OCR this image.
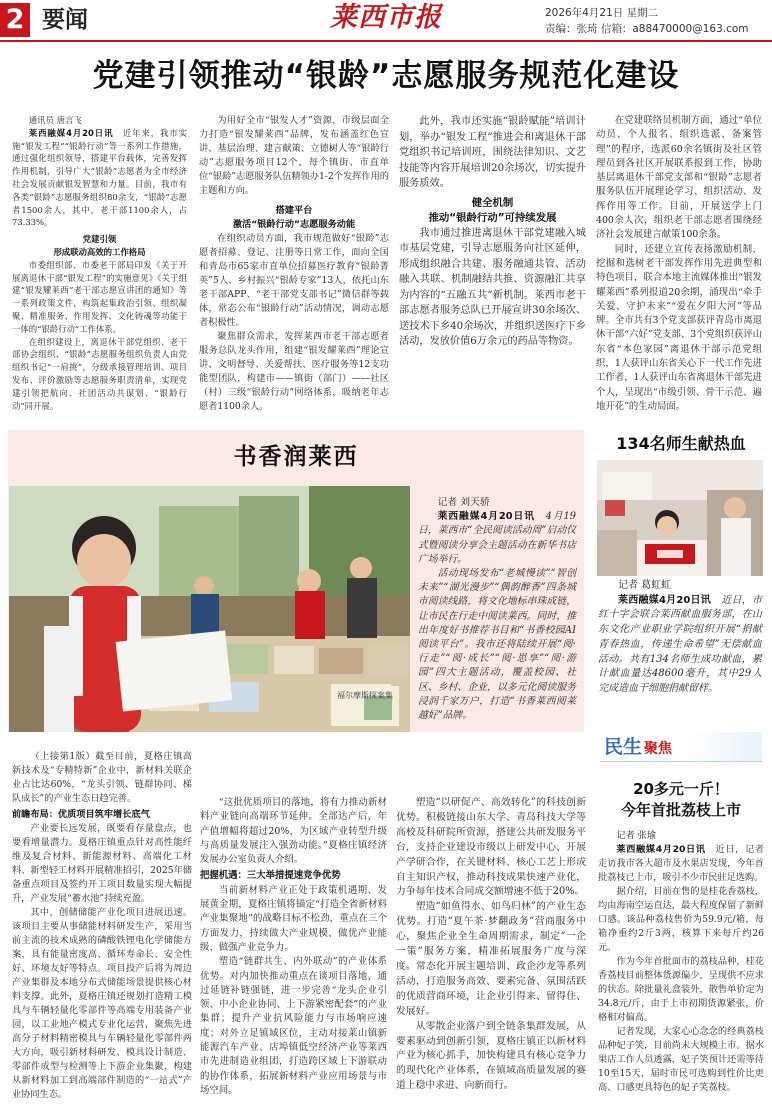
2 要闻	莱西市报	2026年4月21日 星期二
责编：张琦 信箱：a88470000@163.com
党建引领推动“银龄”志愿服务规范化建设

通讯员 唐言飞

莱西融媒4月20日讯　 近年来，我市实施“银发工程”“银龄行动”等一系列工作措施，通过强化组织领导，搭建平台载体，完善发挥作用机制，引导广大“银龄”志愿者为全市经济社会发展贡献银发智慧和力量。目前，我市有各类“银龄”志愿服务组织80余支，“银龄”志愿者1500余人，其中，老干部1100余人，占73.33%。

党建引领

形成联动高效的工作格局

市委组织部、市委老干部局印发《关于开展离退休干部“银发工程”的实施意见》《关于组建“银发耀莱西”老干部志愿宣讲团的通知》等一系列政策文件，构筑起集政治引领、组织凝聚、精准服务、作用发挥、文化铸魂等功能于一体的“银龄行动”工作体系。

在组织建设上，离退休干部党组织、老干部协会组织、“银龄”志愿服务组织负责人由党组织书记“一肩挑”，分级承接管理培训、项目发布、评价激励等志愿服务职责清单，实现党建引领把航向、社团活动共谋划、“银龄行动”同开展。

为用好全市“银发人才”资源，市级层面全力打造“银发耀莱西”品牌，发布涵盖红色宣讲、基层治理、建言献策、立德树人等“银龄行动”志愿服务项目12个，每个镇街、市直单位“银龄”志愿服务队伍精领办1-2个发挥作用的主题和方向。

搭建平台

激活“银龄行动”志愿服务动能

在组织动员方面，我市规范做好“银龄”志愿者招募、登记、注册等日常工作，面向全国和青岛市65家市直单位招募医疗教育“银龄菁英”5人、乡村振兴“银龄专家”13人，依托山东老干部APP、“老干部党支部书记”微信群等载体，常态公布“银龄行动”活动情况，调动志愿者积极性。

聚焦群众需求，发挥莱西市老干部志愿者服务总队龙头作用，组建“银发耀莱西”理论宣讲、文明督导、关爱帮扶、医疗服务等12支功能型团队，构建市——镇街（部门）——社区（村）三级“银龄行动”网络体系，吸纳老年志愿者1100余人。

此外，我市还实施“银龄赋能”培训计划，举办“银发工程”推进会和离退休干部党组织书记培训班，围绕法律知识、文艺技能等内容开展培训20余场次，切实提升服务质效。

健全机制

推动“银龄行动”可持续发展

我市通过推进离退休干部党建融入城市基层党建，引导志愿服务向社区延伸，形成组织融合共建、服务融通共管、活动融入共联、机制融结共推、资源融汇共享为内容的“五融五共”新机制。莱西市老干部志愿者服务总队已开展宣讲30余场次、送技术下乡40余场次，并组织送医疗下乡活动，发放价值6万余元的药品等物资。

在党建联络员机制方面，通过“单位动员、个人报名、组织选派、备案管理”的程序，选派60余名镇街及社区管理员到各社区开展联系报到工作，协助基层离退休干部党支部和“银龄”志愿者服务队伍开展理论学习、组织活动、发挥作用等工作。目前，开展送学上门400余人次，组织老干部志愿者围绕经济社会发展建言献策100余条。

同时，还建立宣传表扬激励机制，挖掘和选树老干部发挥作用先进典型和特色项目，联合本地主流媒体推出“银发耀莱西”系列报道20余期，涌现出“牵手关爱、守护未来”“爱在夕阳大河”等品牌。全市共有3个党支部获评青岛市离退休干部“六好”党支部、3个党组织获评山东省“本色家园”离退休干部示范党组织，1人获评山东省关心下一代工作先进工作者，1人获评山东省离退休干部先进个人，呈现出“市级引领、骨干示范、遍地开花”的生动局面。

书香润莱西
福尔摩斯探案集

记者 刘天骄

莱西融媒4月20日讯　 4月19日，莱西市“全民阅读活动周”启动仪式暨阅读分享会主题活动在新华书店广场举行。

活动现场发布“老城慢读”“智创未来”“湖光漫步”“偶韵醉香”四条城市阅读线路，将文化地标串珠成链，让市民在行走中阅读莱西。同时，推出年度好书推荐书目和“书香校园AI阅读平台”。我市还将陆续开展“阅·行走”“阅·成长”“阅·思享”“阅·游园”四大主题活动，覆盖校园、社区、乡村、企业，以多元化阅读服务浸润千家万户，打造“书香莱西阅莱越好”品牌。

134名师生献热血

记者 葛虹虹

莱西融媒4月20日讯　 近日，市红十字会联合莱西献血服务部，在山东文化产业职业学院组织开展“捐献青春热血，传递生命希望”无偿献血活动。共有134名师生成功献血，累计献血量达48600毫升，其中29人完成造血干细胞捐献留样。

民生 聚焦
20多元一斤！
今年首批荔枝上市

记者 张瑜

莱西融媒4月20日讯　 近日，记者走访我市各大超市及水果店发现，今年首批荔枝已上市，吸引不少市民驻足选购。

据介绍，目前在售的是桂花香荔枝，均由海南空运直达，最大程度保留了新鲜口感。该品种荔枝售价为59.9元/箱，每箱净重约2斤3两，核算下来每斤约26元。

作为今年首批面市的荔枝品种，桂花香荔枝目前整体货源偏少，呈现供不应求的状态。除批量礼盒装外，散售单价定为34.8元/斤，由于上市初期货源紧张，价格相对偏高。

记者发现，大家心心念念的经典荔枝品种妃子笑，目前尚未大规模上市。据水果店工作人员透露，妃子笑预计还需等待10至15天，届时市民可选购到性价比更高、口感更具特色的妃子笑荔枝。

（上接第1版）截至目前，夏格庄镇高新技术及“专精特新”企业中，新材料关联企业占比达60%，“龙头引领、链群协同、梯队成长”的产业生态日趋完善。

前瞻布局：优质项目筑牢增长底气

产业要长远发展，既要看存量盘点，也要看增量潜力。夏格庄镇重点针对高性能纤维及复合材料、新能源材料、高端化工材料、新型轻工材料开展精准招引，2025年储备重点项目及签约开工项目数量实现大幅提升，产业发展“蓄水池”持续充盈。

其中，创储储能产业化项目进展迅速。该项目主要从事储能材料研发生产，采用当前主流的技术成熟的磷酸铁锂电化学储能方案，具有能量密度高、循环寿命长、安全性好、环境友好等特点。项目投产后将为周边产业集群及本地分布式储能场景提供核心材料支撑。此外，夏格庄镇还规划打造精工模具与车辆轻量化零部件等高端专用装备产业园，以工业地产模式专业化运营，聚焦先进高分子材料精密模具与车辆轻量化零部件两大方向，吸引新材料研发、模具设计制造、零部件成型与检测等上下游企业集聚，构建从新材料加工到高端部件制造的“一站式”产业协同生态。

“这批优质项目的落地，将有力推动新材料产业链向高端环节延伸。全部达产后，年产值增幅将超过20%，为区域产业转型升级与高质量发展注入强劲动能。”夏格庄镇经济发展办公室负责人介绍。

把握机遇：三大举措提速竞争优势

当前新材料产业正处于政策机遇期、发展黄金期，夏格庄镇将锚定“打造全省新材料产业集聚地”的战略目标不松劲，重点在三个方面发力，持续做大产业规模、做优产业能级、做强产业竞争力。

塑造“链群共生、内外联动”的产业体系优势。对内加快推动重点在谈项目落地，通过延链补链强链，进一步完善“龙头企业引领、中小企业协同、上下游紧密配套”的产业集群；提升产业抗风险能力与市场响应速度；对外立足镇域区位，主动对接莱山镇新能源汽车产业、店埠镇低空经济产业等莱西市先进制造业组团，打造跨区域上下游联动的协作体系，拓展新材料产业应用场景与市场空间。

塑造“以研促产、高效转化”的科技创新优势。积极链接山东大学、青岛科技大学等高校及科研院所资源，搭建公共研发服务平台，支持企业建设市级以上研发中心、开展产学研合作，在关键材料、核心工艺上形成自主知识产权，推动科技成果快速产业化，力争每年技术合同成交额增速不低于20%。

塑造“如鱼得水、如鸟归林”的产业生态优势。打造“夏午茶·梦翻政务”营商服务中心，聚焦企业全生命周期需求，制定“一企一策”服务方案，精准拓展服务广度与深度。常态化开展主题培训、政企沙龙等系列活动，打造服务高效、要素完备、氛围活跃的优质营商环境，让企业引得来、留得住、发展好。

从零散企业落户到全链条集群发展，从要素驱动到创新引领，夏格庄镇正以新材料产业为核心抓手，加快构建具有核心竞争力的现代化产业体系，在镇域高质量发展的赛道上稳中求进、向新而行。
